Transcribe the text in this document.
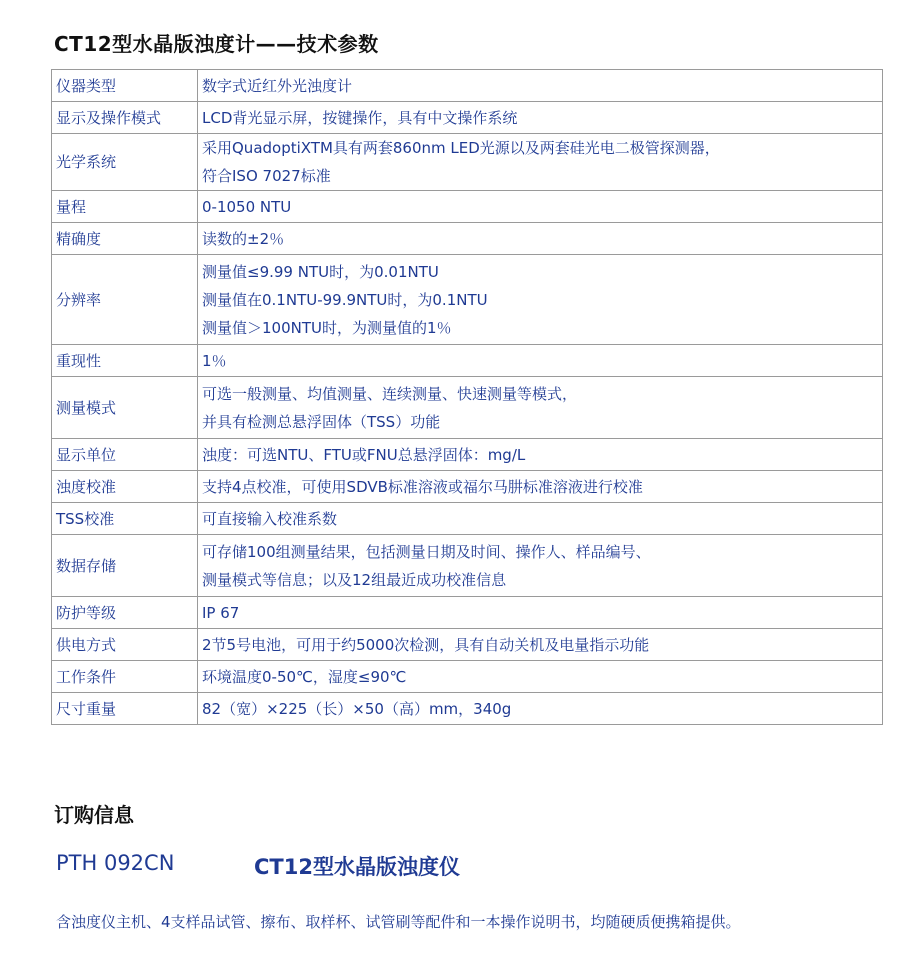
CT12型水晶版浊度计——技术参数
仪器类型	数字式近红外光浊度计

显示及操作模式	LCD背光显示屏，按键操作，具有中文操作系统

光学系统	采用QuadoptiXTM具有两套860nm LED光源以及两套硅光电二极管探测器，
符合ISO 7027标准

量程	0-1050 NTU

精确度	读数的±2％

分辨率	测量值≤9.99 NTU时，为0.01NTU
测量值在0.1NTU-99.9NTU时，为0.1NTU
测量值＞100NTU时，为测量值的1％

重现性	1％

测量模式	可选一般测量、均值测量、连续测量、快速测量等模式，
并具有检测总悬浮固体（TSS）功能

显示单位	浊度：可选NTU、FTU或FNU总悬浮固体：mg/L

浊度校准	支持4点校准，可使用SDVB标准溶液或福尔马肼标准溶液进行校准

TSS校准	可直接输入校准系数

数据存储	可存储100组测量结果，包括测量日期及时间、操作人、样品编号、
测量模式等信息；以及12组最近成功校准信息

防护等级	IP 67

供电方式	2节5号电池，可用于约5000次检测，具有自动关机及电量指示功能

工作条件	环境温度0-50℃，湿度≤90℃

尺寸重量	82（宽）×225（长）×50（高）mm，340g
订购信息
PTH 092CN	CT12型水晶版浊度仪
含浊度仪主机、4支样品试管、擦布、取样杯、试管刷等配件和一本操作说明书，均随硬质便携箱提供。
